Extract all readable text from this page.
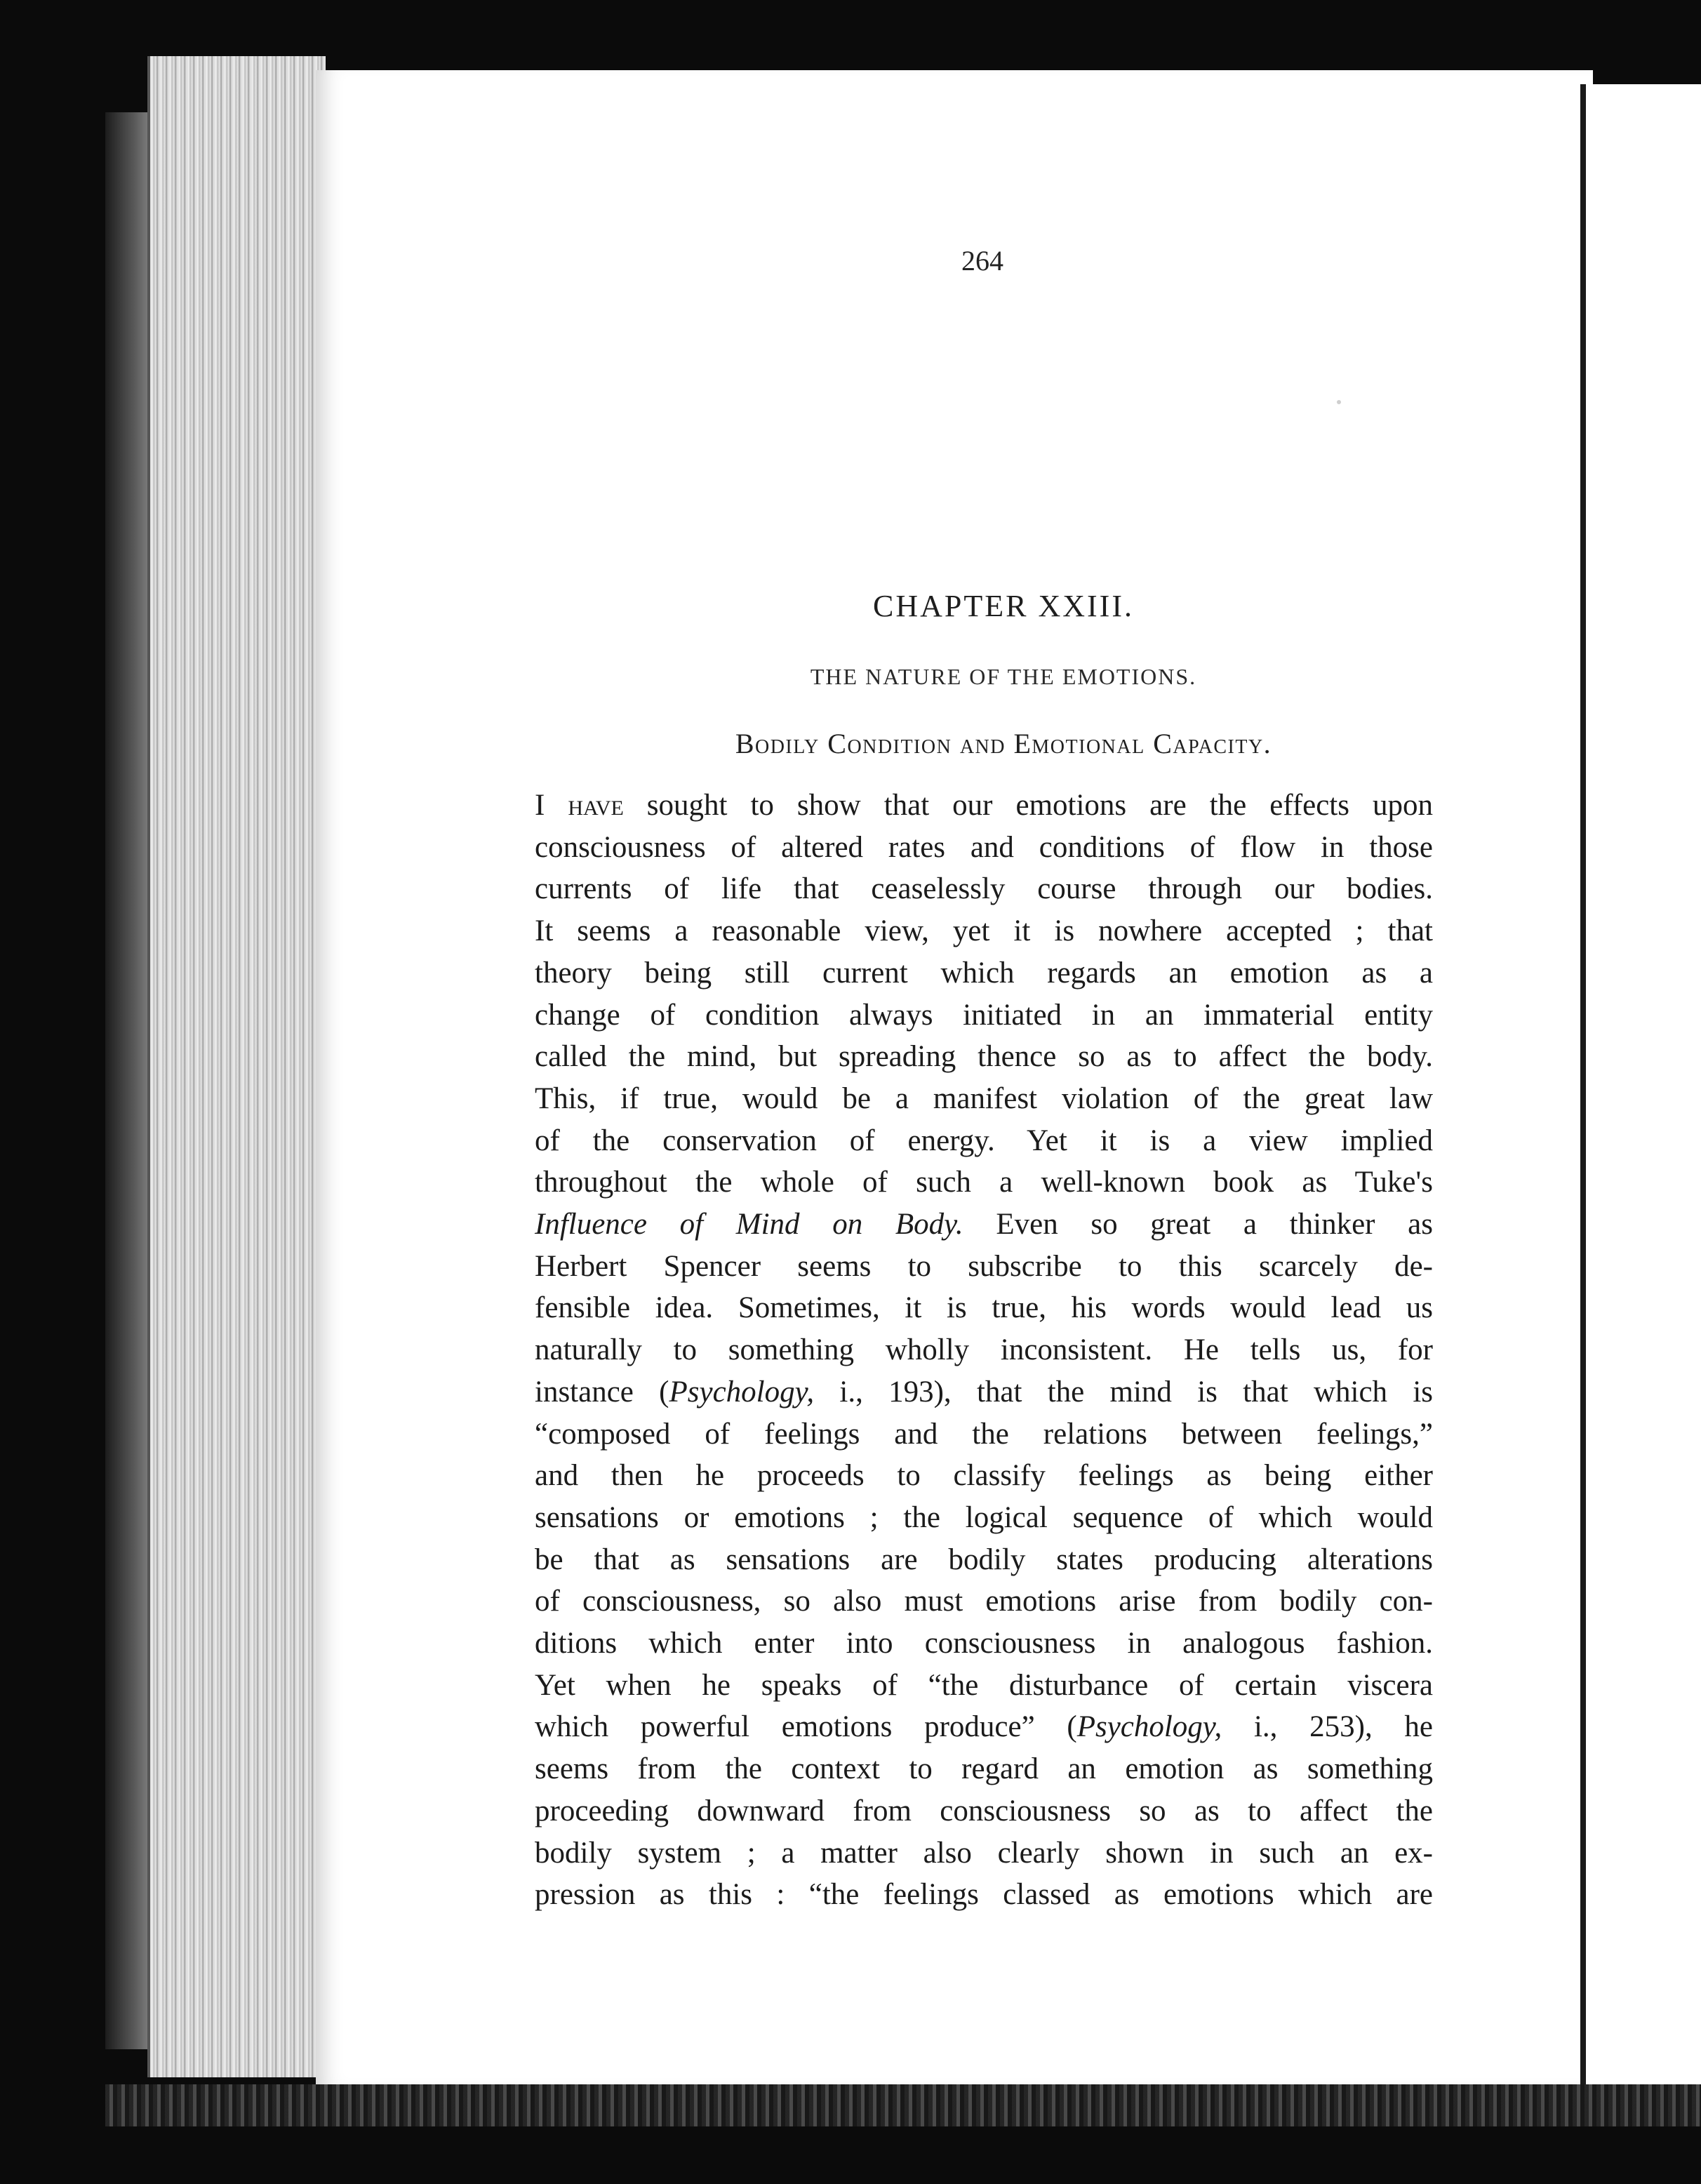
264
CHAPTER XXIII.
THE NATURE OF THE EMOTIONS.
Bodily Condition and Emotional Capacity.
I have sought to show that our emotions are the effects upon
consciousness of altered rates and conditions of flow in those
currents of life that ceaselessly course through our bodies.
It seems a reasonable view, yet it is nowhere accepted ; that
theory being still current which regards an emotion as a
change of condition always initiated in an immaterial entity
called the mind, but spreading thence so as to affect the body.
This, if true, would be a manifest violation of the great law
of the conservation of energy. Yet it is a view implied
throughout the whole of such a well-known book as Tuke's
Influence of Mind on Body. Even so great a thinker as
Herbert Spencer seems to subscribe to this scarcely de-
fensible idea. Sometimes, it is true, his words would lead us
naturally to something wholly inconsistent. He tells us, for
instance (Psychology, i., 193), that the mind is that which is
“composed of feelings and the relations between feelings,”
and then he proceeds to classify feelings as being either
sensations or emotions ; the logical sequence of which would
be that as sensations are bodily states producing alterations
of consciousness, so also must emotions arise from bodily con-
ditions which enter into consciousness in analogous fashion.
Yet when he speaks of “the disturbance of certain viscera
which powerful emotions produce” (Psychology, i., 253), he
seems from the context to regard an emotion as something
proceeding downward from consciousness so as to affect the
bodily system ; a matter also clearly shown in such an ex-
pression as this : “the feelings classed as emotions which are
